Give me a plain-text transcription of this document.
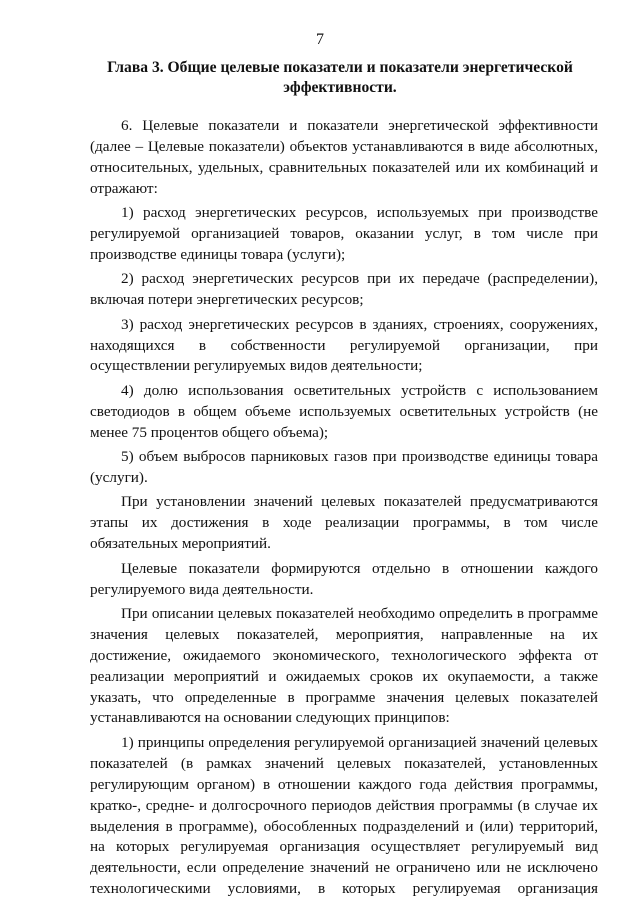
7
Глава 3. Общие целевые показатели и показатели энергетической
эффективности.

6. Целевые показатели и показатели энергетической эффективности
(далее – Целевые показатели) объектов устанавливаются в виде абсолютных,
относительных, удельных, сравнительных показателей или их комбинаций и
отражают:

1) расход энергетических ресурсов, используемых при производстве
регулируемой организацией товаров, оказании услуг, в том числе при
производстве единицы товара (услуги);

2) расход энергетических ресурсов при их передаче (распределении),
включая потери энергетических ресурсов;

3) расход энергетических ресурсов в зданиях, строениях, сооружениях,
находящихся в собственности регулируемой организации, при
осуществлении регулируемых видов деятельности;

4) долю использования осветительных устройств с использованием
светодиодов в общем объеме используемых осветительных устройств (не
менее 75 процентов общего объема);

5) объем выбросов парниковых газов при производстве единицы товара
(услуги).

При установлении значений целевых показателей предусматриваются
этапы их достижения в ходе реализации программы, в том числе
обязательных мероприятий.

Целевые показатели формируются отдельно в отношении каждого
регулируемого вида деятельности.

При описании целевых показателей необходимо определить в программе
значения целевых показателей, мероприятия, направленные на их
достижение, ожидаемого экономического, технологического эффекта от
реализации мероприятий и ожидаемых сроков их окупаемости, а также
указать, что определенные в программе значения целевых показателей
устанавливаются на основании следующих принципов:

1) принципы определения регулируемой организацией значений целевых
показателей (в рамках значений целевых показателей, установленных
регулирующим органом) в отношении каждого года действия программы,
кратко-, средне- и долгосрочного периодов действия программы (в случае их
выделения в программе), обособленных подразделений и (или) территорий,
на которых регулируемая организация осуществляет регулируемый вид
деятельности, если определение значений не ограничено или не исключено
технологическими условиями, в которых регулируемая организация
